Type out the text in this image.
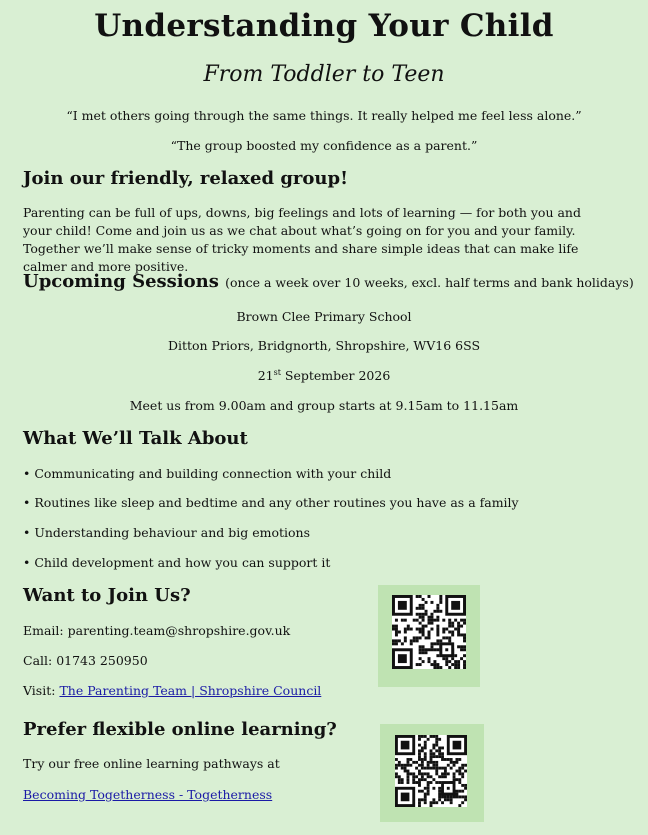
Understanding Your Child
From Toddler to Teen
“I met others going through the same things. It really helped me feel less alone.”
“The group boosted my confidence as a parent.”
Join our friendly, relaxed group!
Parenting can be full of ups, downs, big feelings and lots of learning — for both you and your child! Come and join us as we chat about what’s going on for you and your family. Together we’ll make sense of tricky moments and share simple ideas that can make life calmer and more positive.
Upcoming Sessions (once a week over 10 weeks, excl. half terms and bank holidays)
Brown Clee Primary School
Ditton Priors, Bridgnorth, Shropshire, WV16 6SS
21st September 2026
Meet us from 9.00am and group starts at 9.15am to 11.15am
What We’ll Talk About
• Communicating and building connection with your child
• Routines like sleep and bedtime and any other routines you have as a family
• Understanding behaviour and big emotions
• Child development and how you can support it
Want to Join Us?
Email: parenting.team@shropshire.gov.uk
Call: 01743 250950
Visit: The Parenting Team | Shropshire Council
Prefer flexible online learning?
Try our free online learning pathways at
Becoming Togetherness - Togetherness
